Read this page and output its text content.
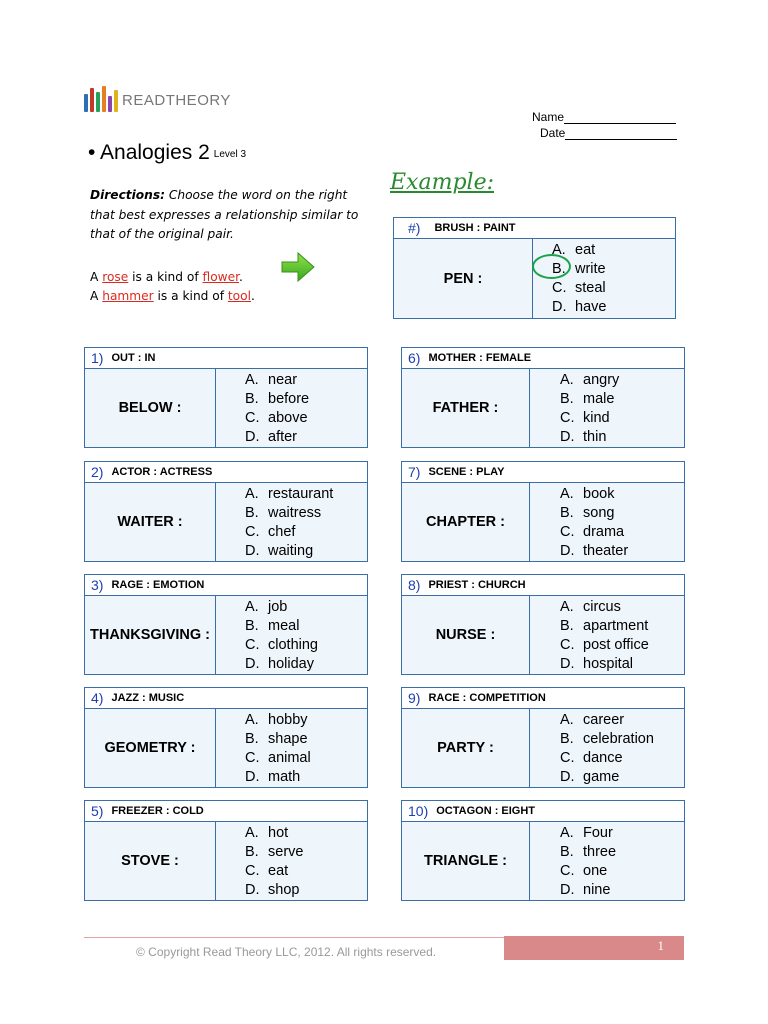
READTHEORY
Name
Date
• Analogies 2 Level 3
Directions: Choose the word on the right that best expresses a relationship similar to that of the original pair.
A rose is a kind of flower.
A hammer is a kind of tool.
Example:
#) BRUSH : PAINT
PEN :
A. eat
B. write
C. steal
D. have
1) OUT : IN
BELOW :
A. near
B. before
C. above
D. after
2) ACTOR : ACTRESS
WAITER :
A. restaurant
B. waitress
C. chef
D. waiting
3) RAGE : EMOTION
THANKSGIVING :
A. job
B. meal
C. clothing
D. holiday
4) JAZZ : MUSIC
GEOMETRY :
A. hobby
B. shape
C. animal
D. math
5) FREEZER : COLD
STOVE :
A. hot
B. serve
C. eat
D. shop
6) MOTHER : FEMALE
FATHER :
A. angry
B. male
C. kind
D. thin
7) SCENE : PLAY
CHAPTER :
A. book
B. song
C. drama
D. theater
8) PRIEST : CHURCH
NURSE :
A. circus
B. apartment
C. post office
D. hospital
9) RACE : COMPETITION
PARTY :
A. career
B. celebration
C. dance
D. game
10) OCTAGON : EIGHT
TRIANGLE :
A. Four
B. three
C. one
D. nine
© Copyright Read Theory LLC, 2012. All rights reserved.	1
